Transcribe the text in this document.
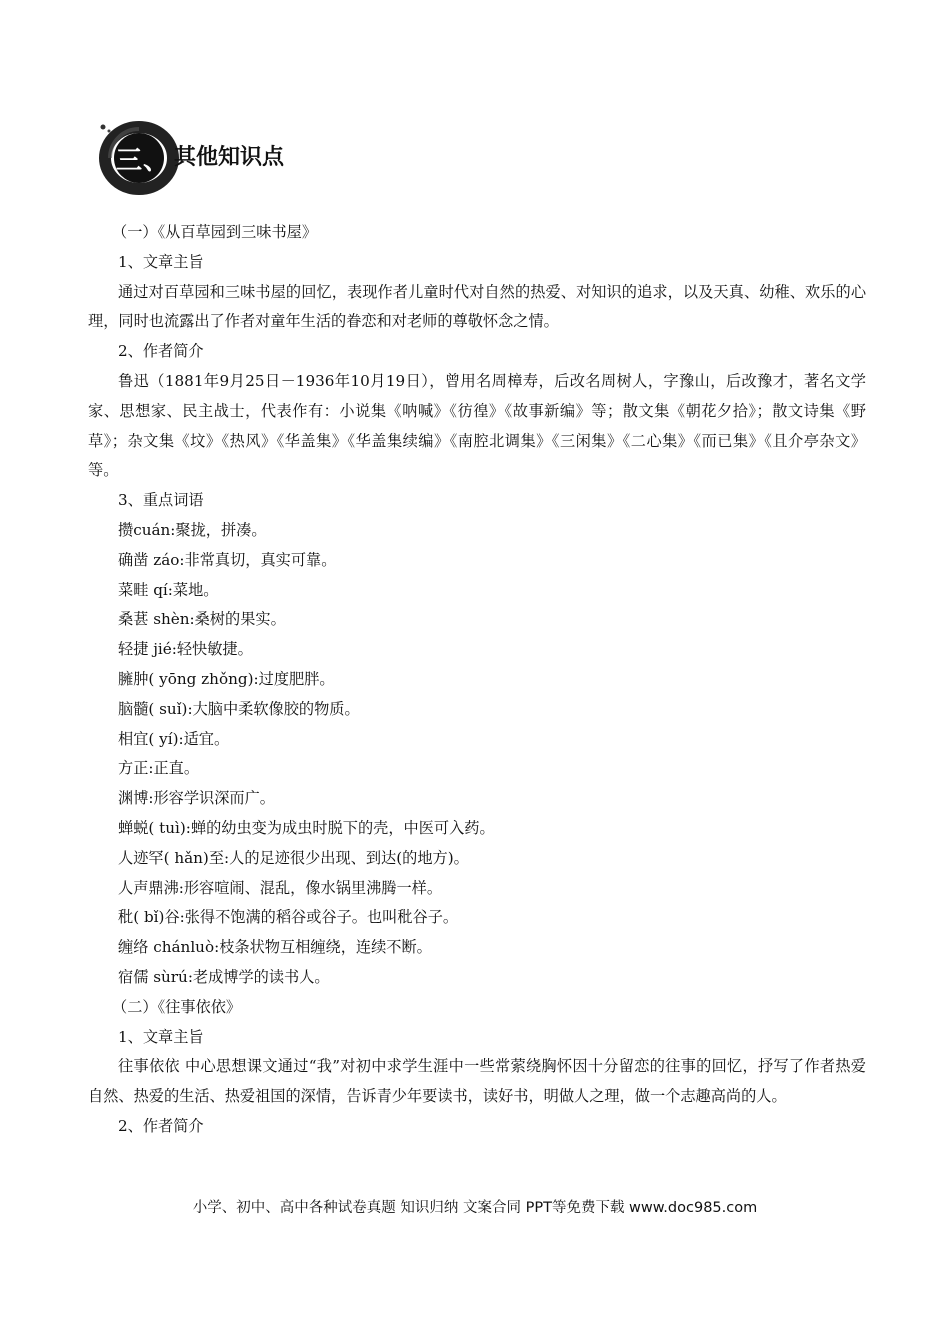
三、 其他知识点
（一）《从百草园到三味书屋》
1、文章主旨
通过对百草园和三味书屋的回忆，表现作者儿童时代对自然的热爱、对知识的追求，以及天真、幼稚、欢乐的心理，同时也流露出了作者对童年生活的眷恋和对老师的尊敬怀念之情。
2、作者简介
鲁迅（1881年9月25日－1936年10月19日），曾用名周樟寿，后改名周树人，字豫山，后改豫才，著名文学家、思想家、民主战士，代表作有：小说集《呐喊》《彷徨》《故事新编》等；散文集《朝花夕拾》；散文诗集《野草》；杂文集《坟》《热风》《华盖集》《华盖集续编》《南腔北调集》《三闲集》《二心集》《而已集》《且介亭杂文》等。
3、重点词语
攒cuán:聚拢，拼凑。
确凿 záo:非常真切，真实可靠。
菜畦 qí:菜地。
桑葚 shèn:桑树的果实。
轻捷 jié:轻快敏捷。
臃肿( yōng zhǒng):过度肥胖。
脑髓( suǐ):大脑中柔软像胶的物质。
相宜( yí):适宜。
方正:正直。
渊博:形容学识深而广。
蝉蜕( tuì):蝉的幼虫变为成虫时脱下的壳，中医可入药。
人迹罕( hǎn)至:人的足迹很少出现、到达(的地方)。
人声鼎沸:形容喧闹、混乱，像水锅里沸腾一样。
秕( bǐ)谷:张得不饱满的稻谷或谷子。也叫秕谷子。
缠络 chánluò:枝条状物互相缠绕，连续不断。
宿儒 sùrú:老成博学的读书人。
（二）《往事依依》
1、文章主旨
往事依依 中心思想课文通过“我”对初中求学生涯中一些常萦绕胸怀因十分留恋的往事的回忆，抒写了作者热爱自然、热爱的生活、热爱祖国的深情，告诉青少年要读书，读好书，明做人之理，做一个志趣高尚的人。
2、作者简介
小学、初中、高中各种试卷真题 知识归纳 文案合同 PPT等免费下载 www.doc985.com
